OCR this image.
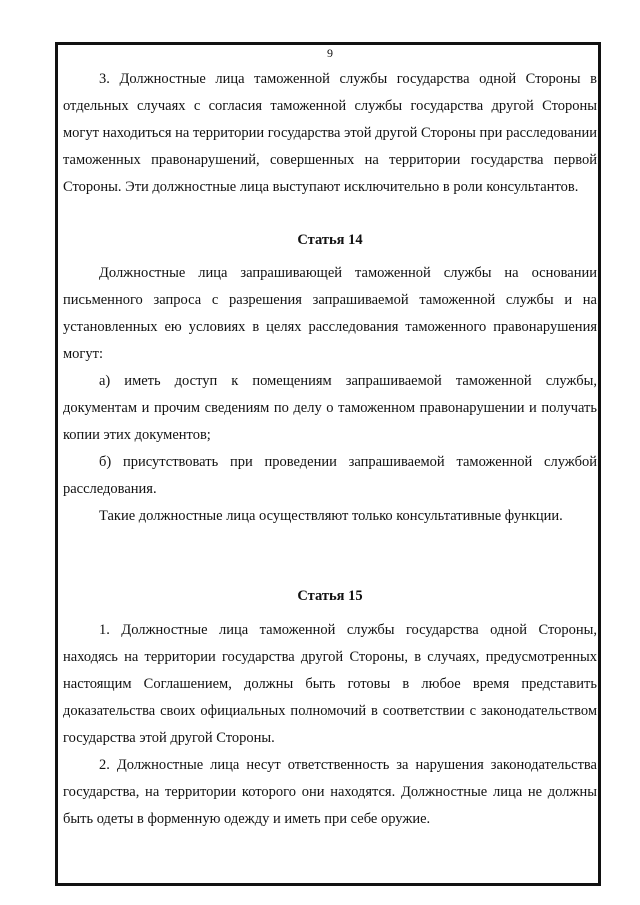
9

3. Должностные лица таможенной службы государства одной Стороны в отдельных случаях с согласия таможенной службы государства другой Стороны могут находиться на территории государства этой другой Стороны при расследовании таможенных правонарушений, совершенных на территории государства первой Стороны. Эти должностные лица выступают исключительно в роли консультантов.

Статья 14

Должностные лица запрашивающей таможенной службы на основании письменного запроса с разрешения запрашиваемой таможенной службы и на установленных ею условиях в целях расследования таможенного правонарушения могут:

а) иметь доступ к помещениям запрашиваемой таможенной службы, документам и прочим сведениям по делу о таможенном правонарушении и получать копии этих документов;

б) присутствовать при проведении запрашиваемой таможенной службой расследования.

Такие должностные лица осуществляют только консультативные функции.

Статья 15

1. Должностные лица таможенной службы государства одной Стороны, находясь на территории государства другой Стороны, в случаях, предусмотренных настоящим Соглашением, должны быть готовы в любое время представить доказательства своих официальных полномочий в соответствии с законодательством государства этой другой Стороны.

2. Должностные лица несут ответственность за нарушения законодательства государства, на территории которого они находятся. Должностные лица не должны быть одеты в форменную одежду и иметь при себе оружие.
